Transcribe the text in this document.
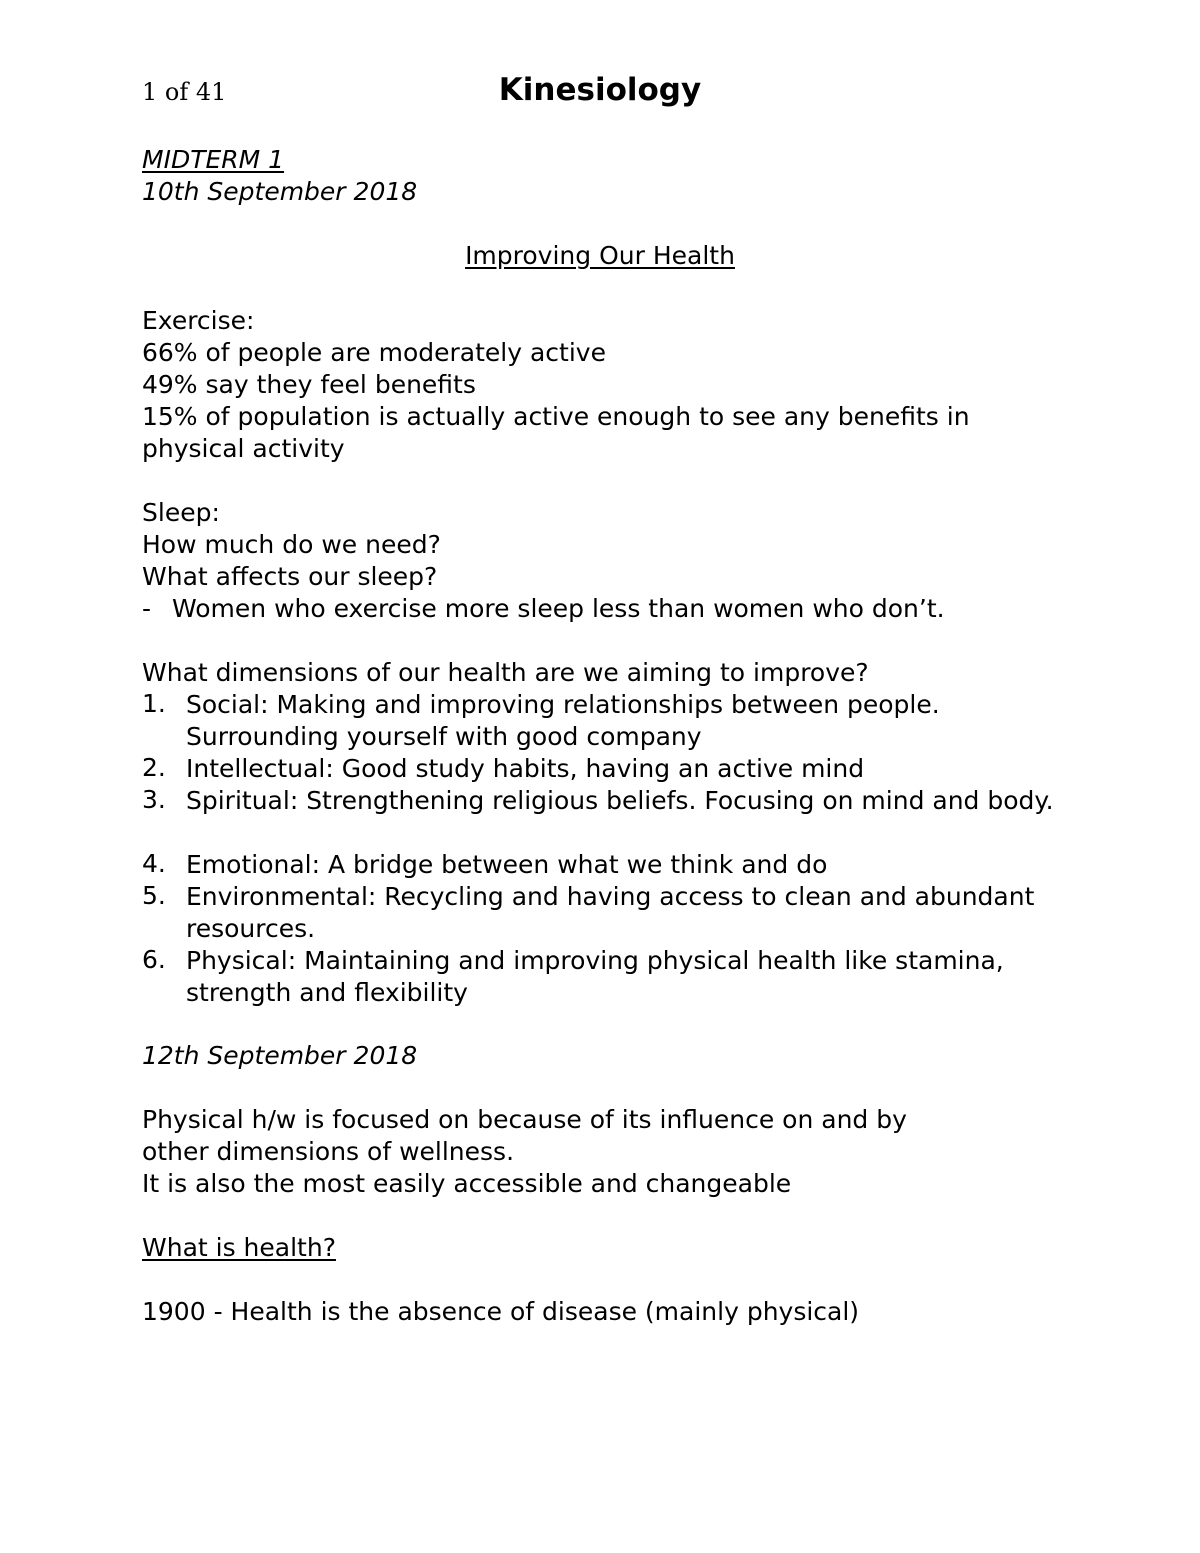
1 of 41	Kinesiology
MIDTERM 1
10th September 2018
Improving Our Health
Exercise:
66% of people are moderately active
49% say they feel benefits
15% of population is actually active enough to see any benefits in
physical activity
Sleep:
How much do we need?
What affects our sleep?
- Women who exercise more sleep less than women who don’t.
What dimensions of our health are we aiming to improve?
1. Social: Making and improving relationships between people. Surrounding yourself with good company
2. Intellectual: Good study habits, having an active mind
3. Spiritual: Strengthening religious beliefs. Focusing on mind and body.
4. Emotional: A bridge between what we think and do
5. Environmental: Recycling and having access to clean and abundant resources.
6. Physical: Maintaining and improving physical health like stamina, strength and flexibility
12th September 2018
Physical h/w is focused on because of its influence on and by
other dimensions of wellness.
It is also the most easily accessible and changeable
What is health?
1900 - Health is the absence of disease (mainly physical)
